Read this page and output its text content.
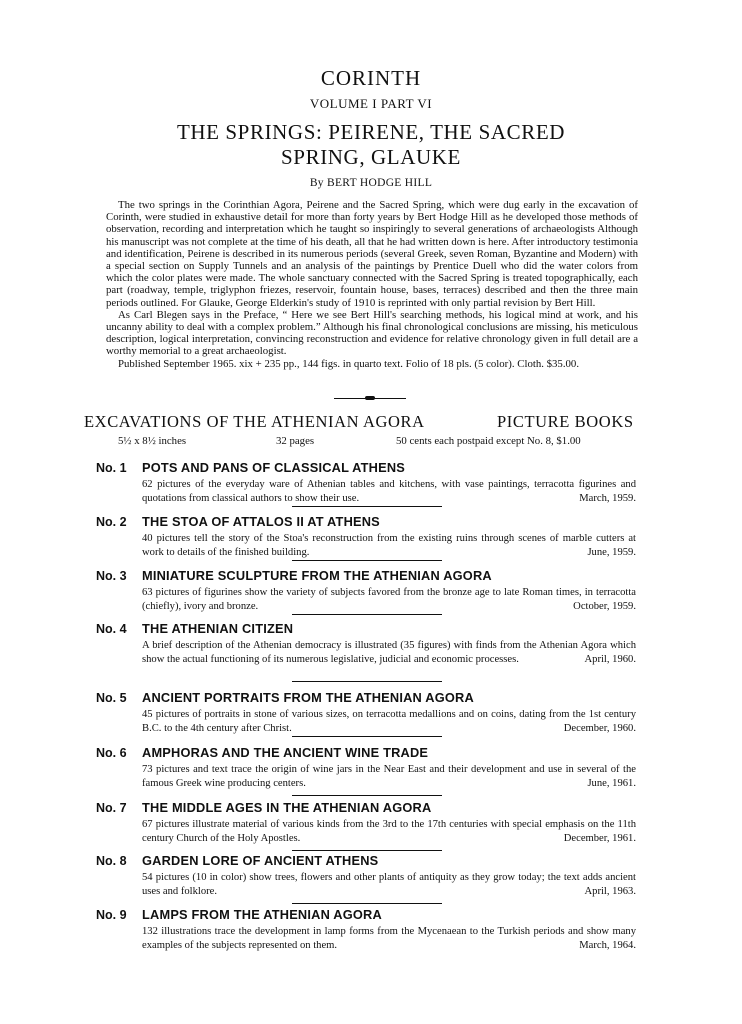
CORINTH
VOLUME I PART VI
THE SPRINGS: PEIRENE, THE SACRED
SPRING, GLAUKE
By BERT HODGE HILL

The two springs in the Corinthian Agora, Peirene and the Sacred Spring, which were dug early in the excavation of Corinth, were studied in exhaustive detail for more than forty years by Bert Hodge Hill as he developed those methods of observation, recording and interpretation which he taught so inspiringly to several generations of archaeologists Although his manuscript was not complete at the time of his death, all that he had written down is here. After introductory testimonia and identification, Peirene is described in its numerous periods (several Greek, seven Roman, Byzantine and Modern) with a special section on Supply Tunnels and an analysis of the paintings by Prentice Duell who did the water colors from which the color plates were made. The whole sanctuary connected with the Sacred Spring is treated topographically, each part (roadway, temple, triglyphon friezes, reservoir, fountain house, bases, terraces) described and then the three main periods outlined. For Glauke, George Elderkin's study of 1910 is reprinted with only partial revision by Bert Hill.

As Carl Blegen says in the Preface, “ Here we see Bert Hill's searching methods, his logical mind at work, and his uncanny ability to deal with a complex problem.” Although his final chronological conclusions are missing, his meticulous description, logical interpretation, convincing reconstruction and evidence for relative chronology given in full detail are a worthy memorial to a great archaeologist.

Published September 1965. xix + 235 pp., 144 figs. in quarto text. Folio of 18 pls. (5 color). Cloth. $35.00.

EXCAVATIONS OF THE ATHENIAN AGORA	PICTURE BOOKS
5½ x 8½ inches	32 pages	50 cents each postpaid except No. 8, $1.00
No. 1 POTS AND PANS OF CLASSICAL ATHENS
62 pictures of the everyday ware of Athenian tables and kitchens, with vase paintings, terracotta figurines and quotations from classical authors to show their use.	March, 1959.
No. 2 THE STOA OF ATTALOS II AT ATHENS
40 pictures tell the story of the Stoa's reconstruction from the existing ruins through scenes of marble cutters at work to details of the finished building.	June, 1959.
No. 3 MINIATURE SCULPTURE FROM THE ATHENIAN AGORA
63 pictures of figurines show the variety of subjects favored from the bronze age to late Roman times, in terracotta (chiefly), ivory and bronze.	October, 1959.
No. 4 THE ATHENIAN CITIZEN
A brief description of the Athenian democracy is illustrated (35 figures) with finds from the Athenian Agora which show the actual functioning of its numerous legislative, judicial and economic processes.	April, 1960.
No. 5 ANCIENT PORTRAITS FROM THE ATHENIAN AGORA
45 pictures of portraits in stone of various sizes, on terracotta medallions and on coins, dating from the 1st century B.C. to the 4th century after Christ.	December, 1960.
No. 6 AMPHORAS AND THE ANCIENT WINE TRADE
73 pictures and text trace the origin of wine jars in the Near East and their development and use in several of the famous Greek wine producing centers.	June, 1961.
No. 7 THE MIDDLE AGES IN THE ATHENIAN AGORA
67 pictures illustrate material of various kinds from the 3rd to the 17th centuries with special emphasis on the 11th century Church of the Holy Apostles.	December, 1961.
No. 8 GARDEN LORE OF ANCIENT ATHENS
54 pictures (10 in color) show trees, flowers and other plants of antiquity as they grow today; the text adds ancient uses and folklore.	April, 1963.
No. 9 LAMPS FROM THE ATHENIAN AGORA
132 illustrations trace the development in lamp forms from the Mycenaean to the Turkish periods and show many examples of the subjects represented on them.	March, 1964.
